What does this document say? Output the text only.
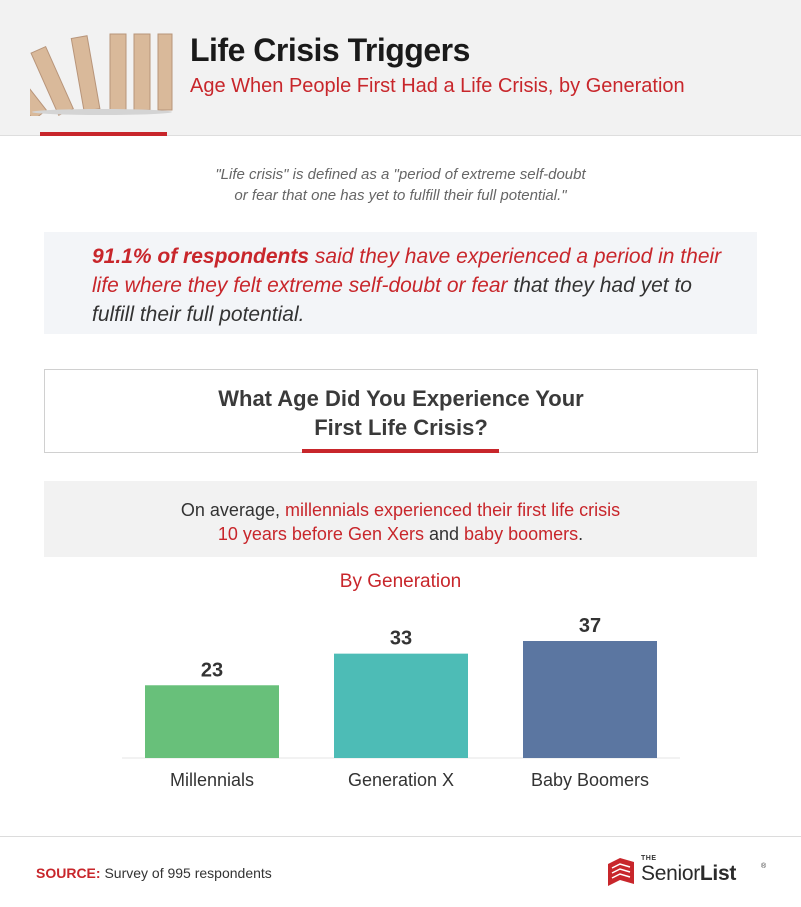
Life Crisis Triggers
Age When People First Had a Life Crisis, by Generation
"Life crisis" is defined as a "period of extreme self-doubt
or fear that one has yet to fulfill their full potential."
91.1% of respondents said they have experienced a period in their life where they felt extreme self-doubt or fear that they had yet to fulfill their full potential.
What Age Did You Experience Your
First Life Crisis?
On average, millennials experienced their first life crisis
10 years before Gen Xers and baby boomers.
By Generation
23
Millennials
33
Generation X
37
Baby Boomers
SOURCE: Survey of 995 respondents
THE
SeniorList	®
